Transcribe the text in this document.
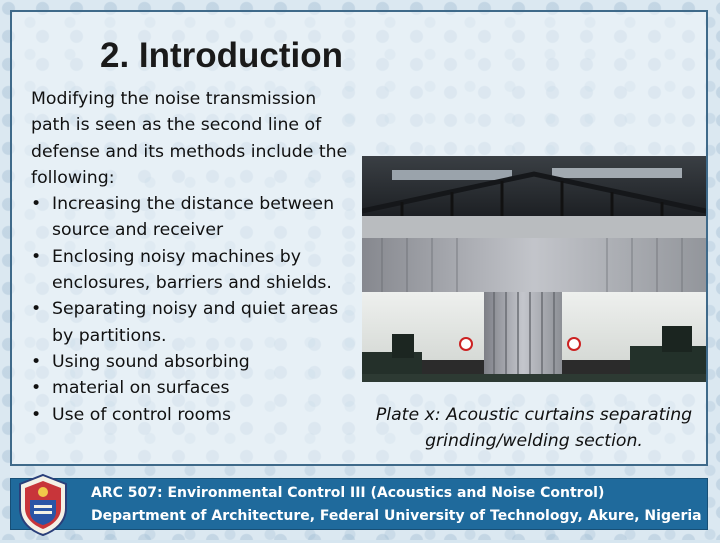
2. Introduction

Modifying the noise transmission path is seen as the second line of defense and its methods include the following:

• Increasing the distance between source and receiver
• Enclosing noisy machines by enclosures, barriers and shields.
• Separating noisy and quiet areas by partitions.
• Using sound absorbing
• material on surfaces
• Use of control rooms	Plate x: Acoustic curtains separating grinding/welding section.
ARC 507: Environmental Control III (Acoustics and Noise Control)
Department of Architecture, Federal University of Technology, Akure, Nigeria
